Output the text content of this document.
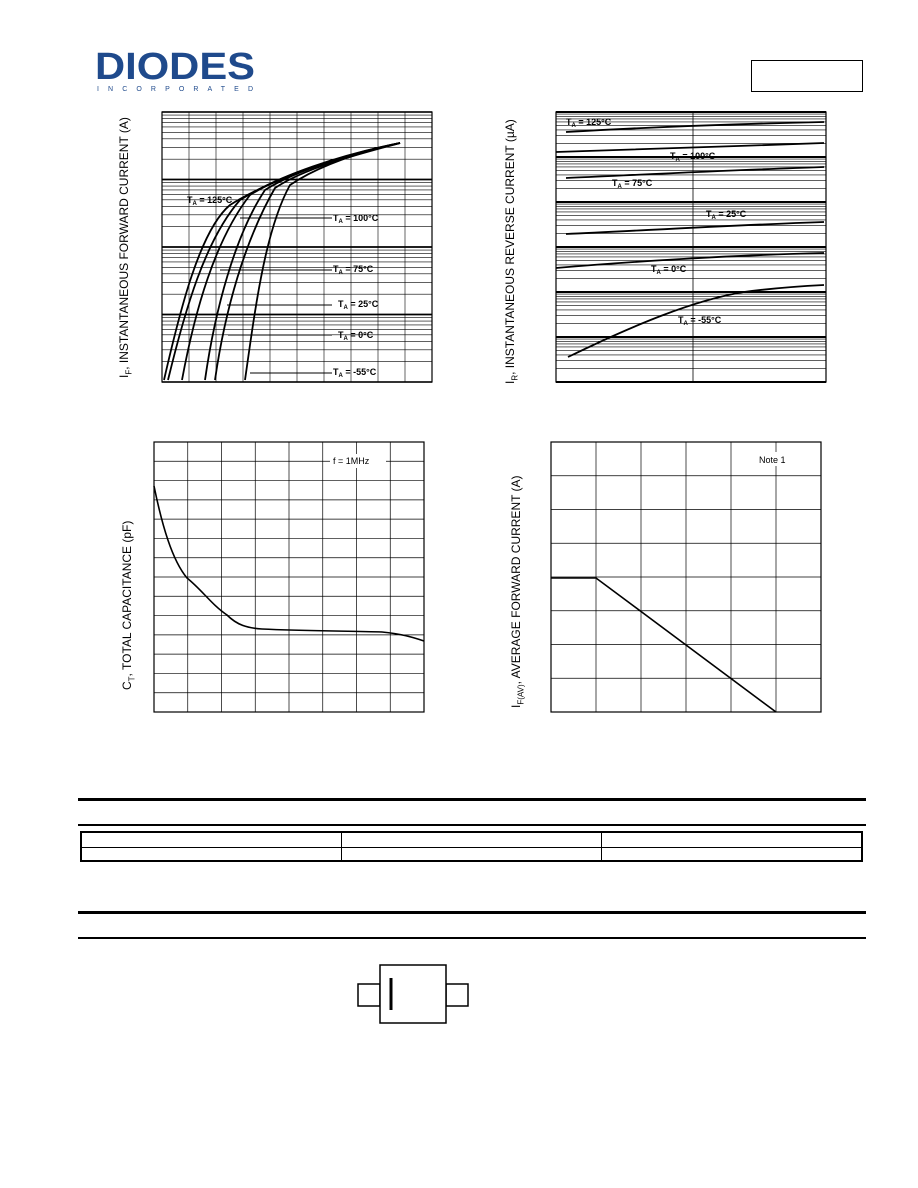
DIODES
INCORPORATED
$I_F$, INSTANTANEOUS FORWARD CURRENT (A)	$T_A = 125^\circ C$
$T_A = 100^\circ C$
$T_A = 75^\circ C$
$T_A = 25^\circ C$
$T_A = 0^\circ C$
$T_A = -55^\circ C$
$I_R$, INSTANTANEOUS REVERSE CURRENT (µA)	$T_A = 125^\circ C$
$T_A = 100^\circ C$
$T_A = 75^\circ C$
$T_A = 25^\circ C$
$T_A = 0^\circ C$
$T_A = -55^\circ C$
$C_T$, TOTAL CAPACITANCE (pF)
f = 1MHz
$I_{F(AV)}$, AVERAGE FORWARD CURRENT (A)
Note 1
